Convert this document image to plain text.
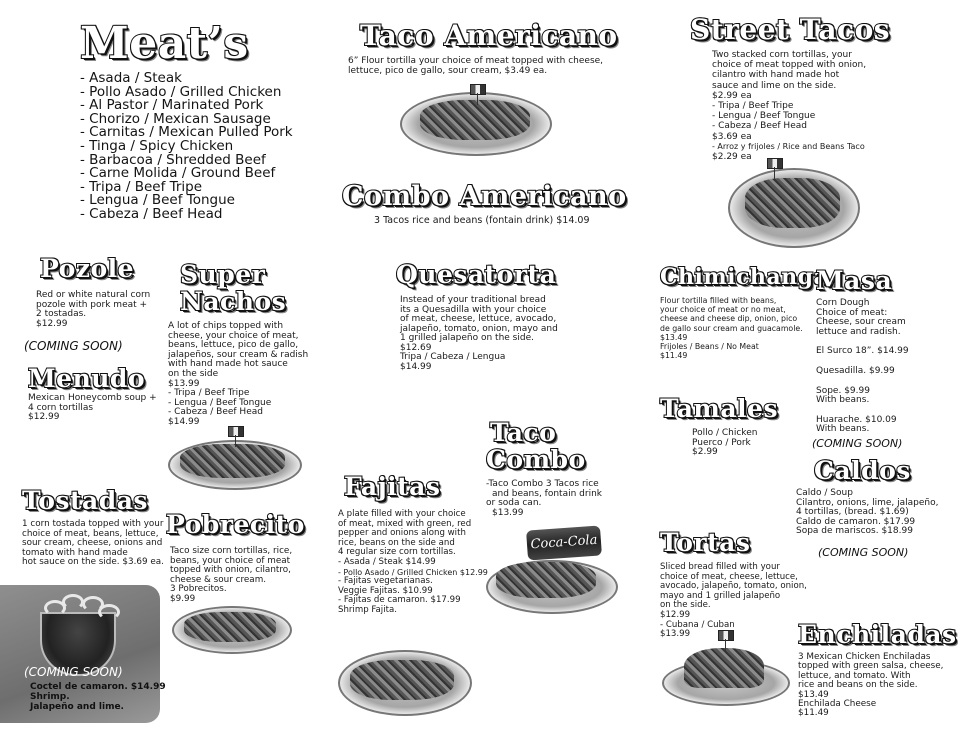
Meat’s
- Asada / Steak
- Pollo Asado / Grilled Chicken
- Al Pastor / Marinated Pork
- Chorizo / Mexican Sausage
- Carnitas / Mexican Pulled Pork
- Tinga / Spicy Chicken
- Barbacoa / Shredded Beef
- Carne Molida / Ground Beef
- Tripa / Beef Tripe
- Lengua / Beef Tongue
- Cabeza / Beef Head
Taco Americano
6” Flour tortilla your choice of meat topped with cheese,
lettuce, pico de gallo, sour cream, $3.49 ea.
Combo Americano
3 Tacos rice and beans (fontain drink) $14.09
Street Tacos
Two stacked corn tortillas, your
choice of meat topped with onion,
cilantro with hand made hot
sauce and lime on the side.
$2.99 ea
- Tripa / Beef Tripe
- Lengua / Beef Tongue
- Cabeza / Beef Head
$3.69 ea
- Arroz y frijoles / Rice and Beans Taco
$2.29 ea
Pozole
Red or white natural corn
pozole with pork meat +
2 tostadas.
$12.99
(COMING SOON)
Menudo
Mexican Honeycomb soup +
4 corn tortillas
$12.99
Super
Nachos
A lot of chips topped with
cheese, your choice of meat,
beans, lettuce, pico de gallo,
jalapeños, sour cream & radish
with hand made hot sauce
on the side
$13.99
- Tripa / Beef Tripe
- Lengua / Beef Tongue
- Cabeza / Beef Head
$14.99
Quesatorta
Instead of your traditional bread
its a Quesadilla with your choice
of meat, cheese, lettuce, avocado,
jalapeño, tomato, onion, mayo and
1 grilled jalapeño on the side.
$12.69
Tripa / Cabeza / Lengua
$14.99
Chimichanga
Flour tortilla filled with beans,
your choice of meat or no meat,
cheese and cheese dip, onion, pico
de gallo sour cream and guacamole.
$13.49
Frijoles / Beans / No Meat
$11.49
Masa
Corn Dough
Choice of meat:
Cheese, sour cream
lettuce and radish.
El Surco 18”. $14.99
Quesadilla. $9.99
Sope. $9.99
With beans.
Huarache. $10.09
With beans.
(COMING SOON)
Tamales
Pollo / Chicken
Puerco / Pork
$2.99
Caldos
Caldo / Soup
Cilantro, onions, lime, jalapeño,
4 tortillas, (bread. $1.69)
Caldo de camaron. $17.99
Sopa de mariscos. $18.99
(COMING SOON)
Taco
Combo
-Taco Combo 3 Tacos rice
and beans, fontain drink
or soda can.
$13.99
Coca-Cola
Fajitas
A plate filled with your choice
of meat, mixed with green, red
pepper and onions along with
rice, beans on the side and
4 regular size corn tortillas.
- Asada / Steak $14.99
- Pollo Asado / Grilled Chicken $12.99
- Fajitas vegetarianas.
Veggie Fajitas. $10.99
- Fajitas de camaron. $17.99
Shrimp Fajita.
Tostadas
1 corn tostada topped with your
choice of meat, beans, lettuce,
sour cream, cheese, onions and
tomato with hand made
hot sauce on the side. $3.69 ea.
Pobrecito
Taco size corn tortillas, rice,
beans, your choice of meat
topped with onion, cilantro,
cheese & sour cream.
3 Pobrecitos.
$9.99
(COMING SOON)
Coctel de camaron. $14.99
Shrimp.
Jalapeño and lime.
Tortas
Sliced bread filled with your
choice of meat, cheese, lettuce,
avocado, jalapeño, tomato, onion,
mayo and 1 grilled jalapeño
on the side.
$12.99
- Cubana / Cuban
$13.99	Enchiladas
3 Mexican Chicken Enchiladas
topped with green salsa, cheese,
lettuce, and tomato. With
rice and beans on the side.
$13.49
Enchilada Cheese
$11.49
